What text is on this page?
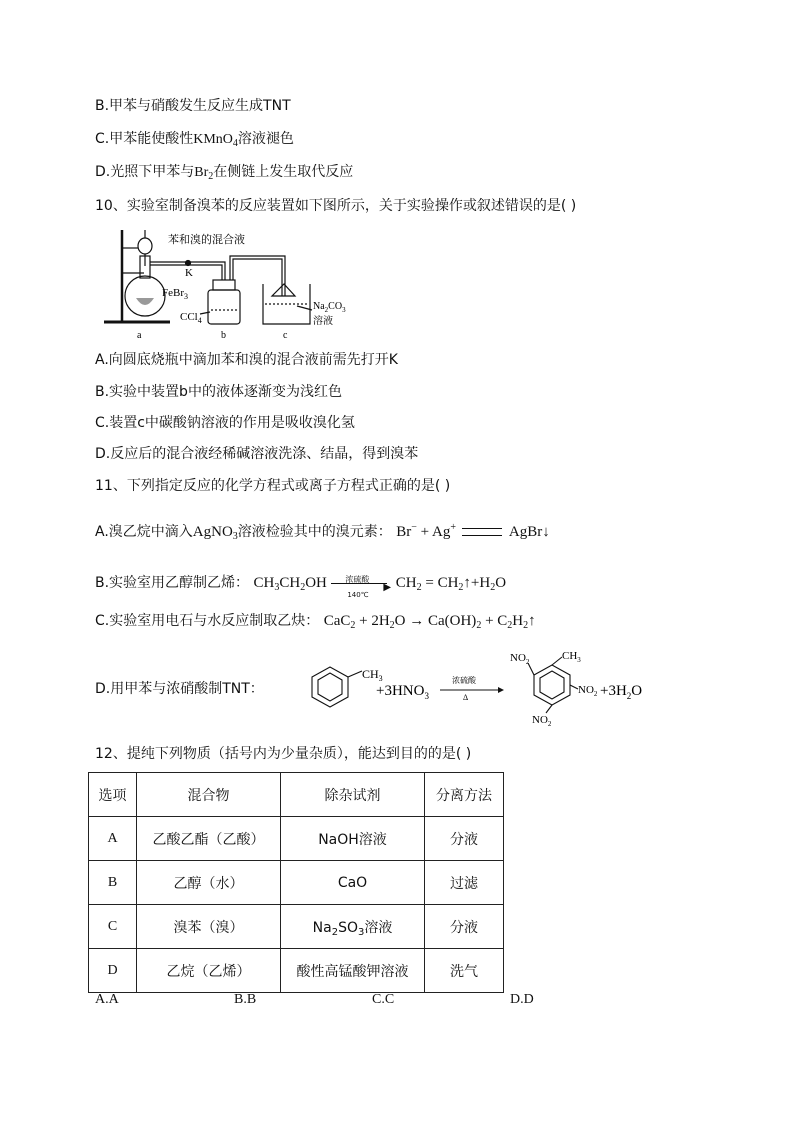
B.甲苯与硝酸发生反应生成TNT
C.甲苯能使酸性KMnO$_4$溶液褪色
D.光照下甲苯与$Br_2$在侧链上发生取代反应
10、实验室制备溴苯的反应装置如下图所示，关于实验操作或叙述错误的是( )
苯和溴的混合液
K
FeBr$_3$
CCl$_4$
$Na_2CO_3$
溶液
a	b	c
A.向圆底烧瓶中滴加苯和溴的混合液前需先打开K
B.实验中装置b中的液体逐渐变为浅红色
C.装置c中碳酸钠溶液的作用是吸收溴化氢
D.反应后的混合液经稀碱溶液洗涤、结晶，得到溴苯
11、下列指定反应的化学方程式或离子方程式正确的是( )
A.溴乙烷中滴入AgNO$_3$溶液检验其中的溴元素： Br− + Ag+	AgBr↓
B.实验室用乙醇制乙烯： $CH_3CH_2OH$ 浓硫酸
▶
140℃
$CH_2$ = $CH_2↑+H_2O$
C.实验室用电石与水反应制取乙炔： $CaC_2 + 2H_2O \to Ca(OH)_2$ + $C_2H_2↑$
D.用甲苯与浓硝酸制TNT：
$CH_3$
$+3HNO_3$
浓硫酸
Δ
$NO_2$	$CH_3$
$NO_2$
$NO_2$
$+3H_2O$
12、提纯下列物质（括号内为少量杂质），能达到目的的是( )
选项	混合物	除杂试剂	分离方法
A	乙酸乙酯（乙酸）	NaOH溶液	分液
B	乙醇（水）	CaO	过滤
C	溴苯（溴）	$Na_2SO_3$溶液	分液
D	乙烷（乙烯）	酸性高锰酸钾溶液	洗气
A.A	B.B	C.C	D.D
